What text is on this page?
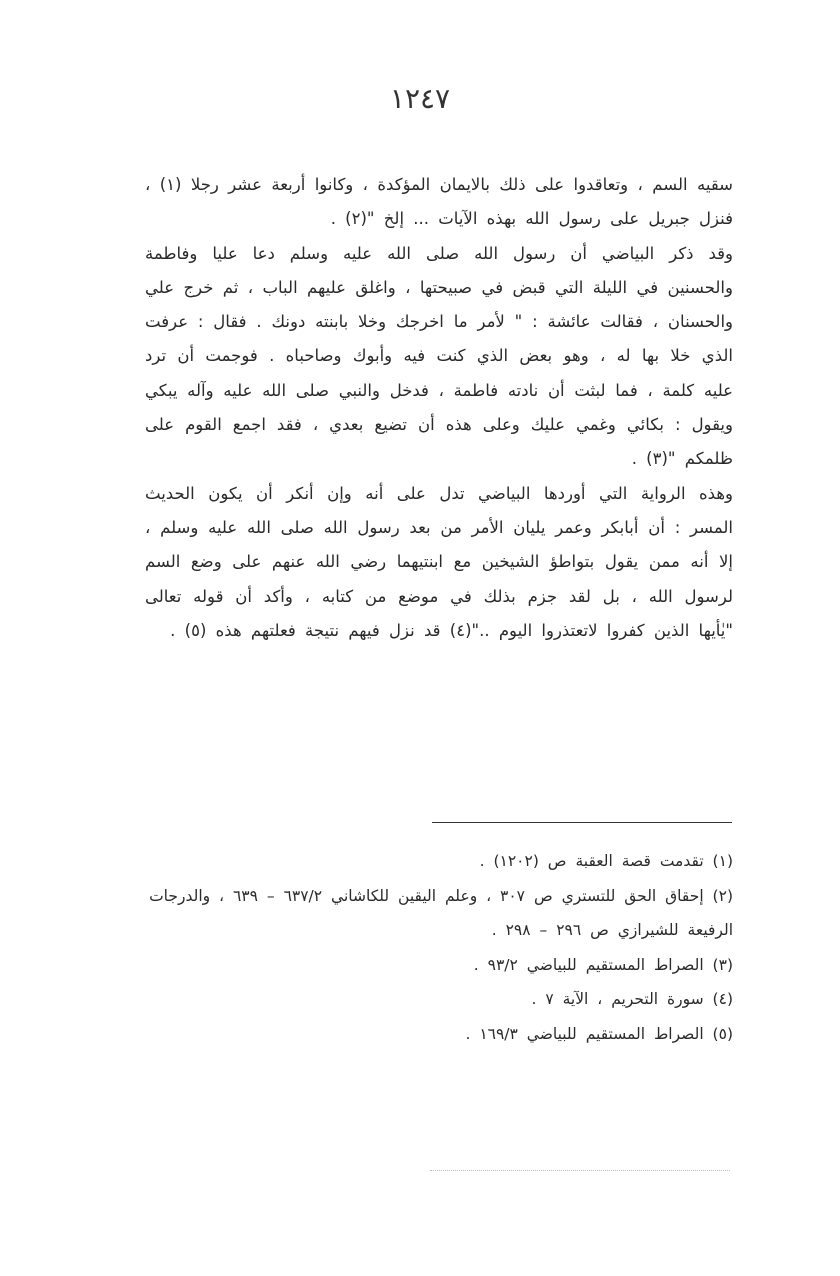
١٢٤٧

سقيه السم ، وتعاقدوا على ذلك بالايمان المؤكدة ، وكانوا أربعة عشر رجلا (١) ، فنزل جبريل على رسول الله بهذه الآيات ... إلخ "(٢) .

وقد ذكر البياضي أن رسول الله صلى الله عليه وسلم دعا عليا وفاطمة والحسنين في الليلة التي قبض في صبيحتها ، واغلق عليهم الباب ، ثم خرج علي والحسنان ، فقالت عائشة : " لأمر ما اخرجك وخلا بابنته دونك . فقال : عرفت الذي خلا بها له ، وهو بعض الذي كنت فيه وأبوك وصاحباه . فوجمت أن ترد عليه كلمة ، فما لبثت أن نادته فاطمة ، فدخل والنبي صلى الله عليه وآله يبكي ويقول : بكائي وغمي عليك وعلى هذه أن تضيع بعدي ، فقد اجمع القوم على ظلمكم "(٣) .

وهذه الرواية التي أوردها البياضي تدل على أنه وإن أنكر أن يكون الحديث المسر : أن أبابكر وعمر يليان الأمر من بعد رسول الله صلى الله عليه وسلم ، إلا أنه ممن يقول بتواطؤ الشيخين مع ابنتيهما رضي الله عنهم على وضع السم لرسول الله ، بل لقد جزم بذلك في موضع من كتابه ، وأكد أن قوله تعالى "يٰأيها الذين كفروا لاتعتذروا اليوم .."(٤) قد نزل فيهم نتيجة فعلتهم هذه (٥) .

(١) تقدمت قصة العقبة ص (١٢٠٢) .
(٢) إحقاق الحق للتستري ص ٣٠٧ ، وعلم اليقين للكاشاني ٦٣٧/٢ – ٦٣٩ ، والدرجات الرفيعة للشيرازي ص ٢٩٦ – ٢٩٨ .
(٣) الصراط المستقيم للبياضي ٩٣/٢ .
(٤) سورة التحريم ، الآية ٧ .
(٥) الصراط المستقيم للبياضي ١٦٩/٣ .
